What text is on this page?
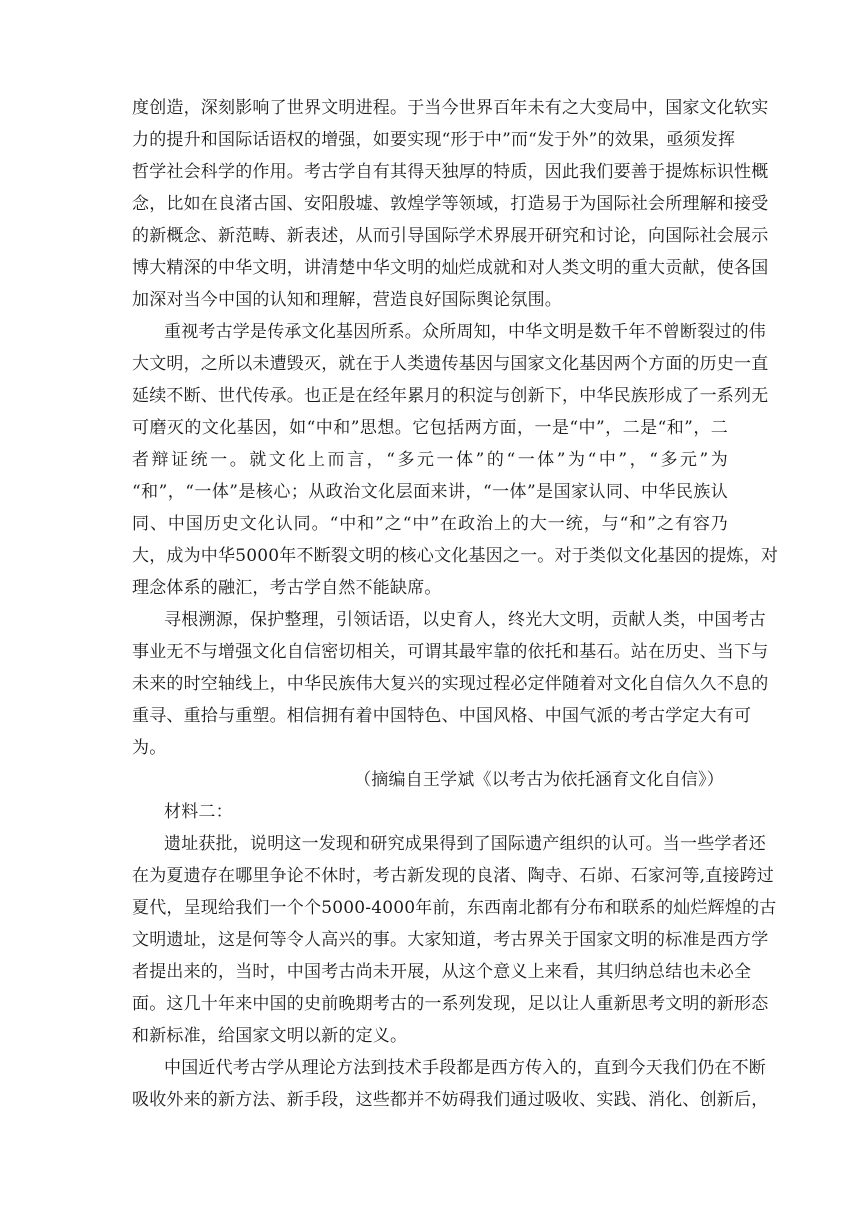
度创造，深刻影响了世界文明进程。于当今世界百年未有之大变局中，国家文化软实
力的提升和国际话语权的增强，如要实现“形于中”而“发于外”的效果，亟须发挥
哲学社会科学的作用。考古学自有其得天独厚的特质，因此我们要善于提炼标识性概
念，比如在良渚古国、安阳殷墟、敦煌学等领域，打造易于为国际社会所理解和接受
的新概念、新范畴、新表述，从而引导国际学术界展开研究和讨论，向国际社会展示
博大精深的中华文明，讲清楚中华文明的灿烂成就和对人类文明的重大贡献，使各国
加深对当今中国的认知和理解，营造良好国际舆论氛围。
重视考古学是传承文化基因所系。众所周知，中华文明是数千年不曾断裂过的伟
大文明，之所以未遭毁灭，就在于人类遗传基因与国家文化基因两个方面的历史一直
延续不断、世代传承。也正是在经年累月的积淀与创新下，中华民族形成了一系列无
可磨灭的文化基因，如“中和”思想。它包括两方面，一是“中”，二是“和”，二
者辩证统一。就文化上而言，“多元一体”的“一体”为“中”，“多元”为
“和”，“一体”是核心；从政治文化层面来讲，“一体”是国家认同、中华民族认
同、中国历史文化认同。“中和”之“中”在政治上的大一统，与“和”之有容乃
大，成为中华5000年不断裂文明的核心文化基因之一。对于类似文化基因的提炼，对
理念体系的融汇，考古学自然不能缺席。
寻根溯源，保护整理，引领话语，以史育人，终光大文明，贡献人类，中国考古
事业无不与增强文化自信密切相关，可谓其最牢靠的依托和基石。站在历史、当下与
未来的时空轴线上，中华民族伟大复兴的实现过程必定伴随着对文化自信久久不息的
重寻、重拾与重塑。相信拥有着中国特色、中国风格、中国气派的考古学定大有可
为。
（摘编自王学斌《以考古为依托涵育文化自信》）
材料二：
遗址获批，说明这一发现和研究成果得到了国际遗产组织的认可。当一些学者还
在为夏遗存在哪里争论不休时，考古新发现的良渚、陶寺、石峁、石家河等,直接跨过
夏代，呈现给我们一个个5000-4000年前，东西南北都有分布和联系的灿烂辉煌的古
文明遗址，这是何等令人高兴的事。大家知道，考古界关于国家文明的标准是西方学
者提出来的，当时，中国考古尚未开展，从这个意义上来看，其归纳总结也未必全
面。这几十年来中国的史前晚期考古的一系列发现，足以让人重新思考文明的新形态
和新标准，给国家文明以新的定义。
中国近代考古学从理论方法到技术手段都是西方传入的，直到今天我们仍在不断
吸收外来的新方法、新手段，这些都并不妨碍我们通过吸收、实践、消化、创新后，
